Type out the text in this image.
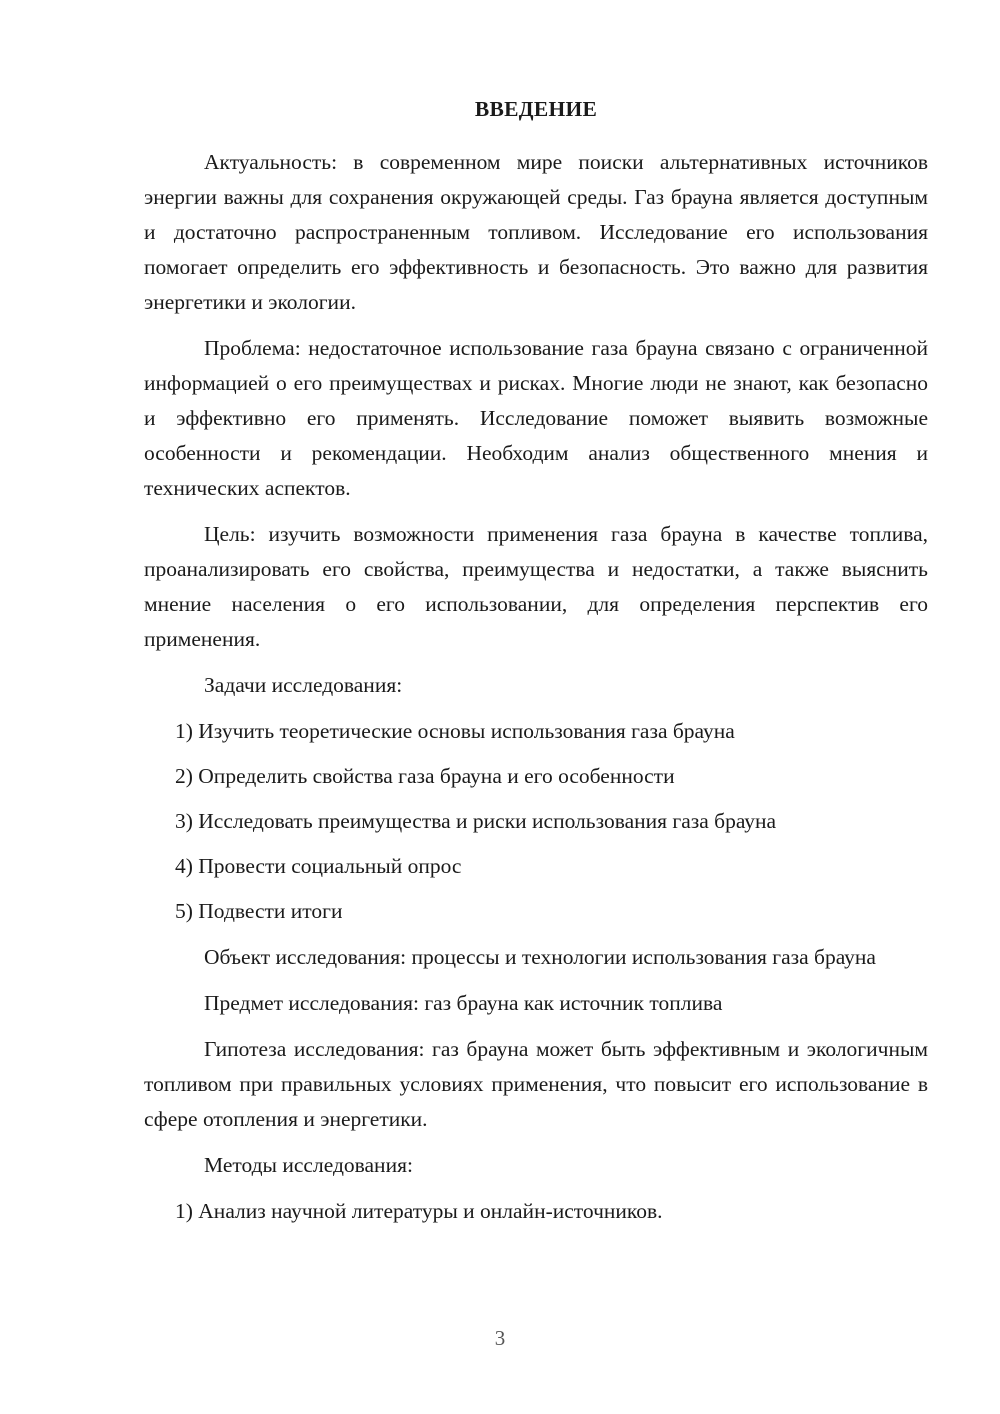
ВВЕДЕНИЕ

Актуальность: в современном мире поиски альтернативных источников энергии важны для сохранения окружающей среды. Газ брауна является доступным и достаточно распространенным топливом. Исследование его использования помогает определить его эффективность и безопасность. Это важно для развития энергетики и экологии.

Проблема: недостаточное использование газа брауна связано с ограниченной информацией о его преимуществах и рисках. Многие люди не знают, как безопасно и эффективно его применять. Исследование поможет выявить возможные особенности и рекомендации. Необходим анализ общественного мнения и технических аспектов.

Цель: изучить возможности применения газа брауна в качестве топлива, проанализировать его свойства, преимущества и недостатки, а также выяснить мнение населения о его использовании, для определения перспектив его применения.

Задачи исследования:

1) Изучить теоретические основы использования газа брауна
2) Определить свойства газа брауна и его особенности
3) Исследовать преимущества и риски использования газа брауна
4) Провести социальный опрос
5) Подвести итоги

Объект исследования: процессы и технологии использования газа брауна

Предмет исследования: газ брауна как источник топлива

Гипотеза исследования: газ брауна может быть эффективным и экологичным топливом при правильных условиях применения, что повысит его использование в сфере отопления и энергетики.

Методы исследования:

1) Анализ научной литературы и онлайн-источников.
3
